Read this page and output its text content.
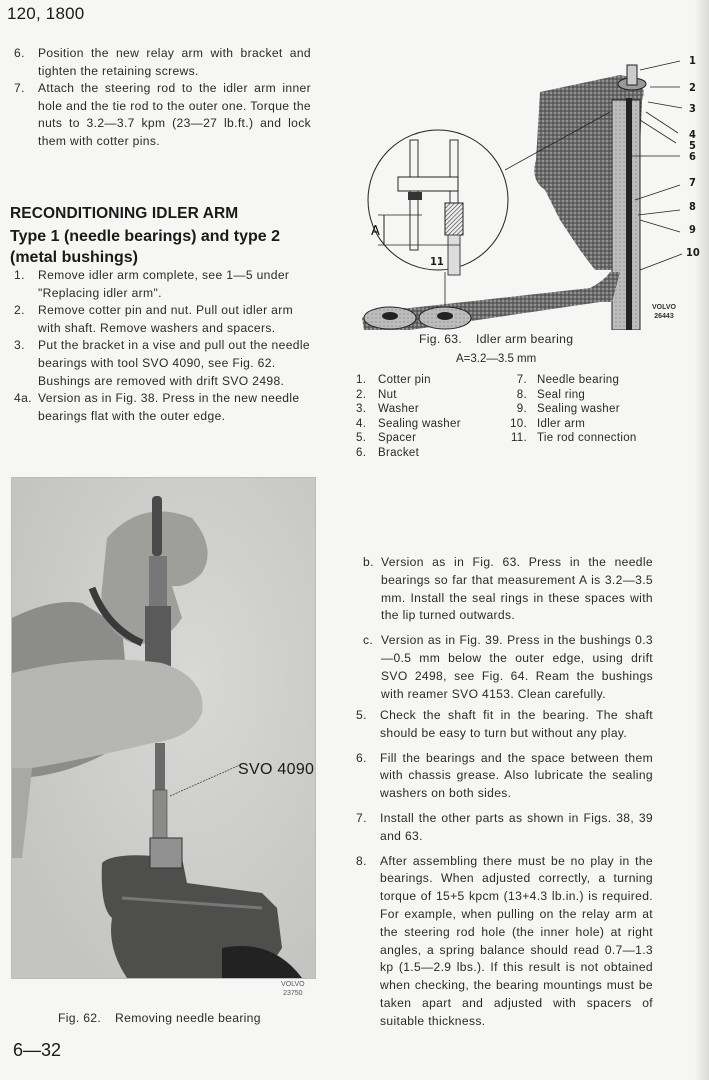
120, 1800
6.	Position the new relay arm with bracket and tighten the retaining screws.
7.	Attach the steering rod to the idler arm inner hole and the tie rod to the outer one. Torque the nuts to 3.2—3.7 kpm (23—27 lb.ft.) and lock them with cotter pins.
RECONDITIONING IDLER ARM
Type 1 (needle bearings) and type 2 (metal bushings)
1.	Remove idler arm complete, see 1—5 under "Replacing idler arm".
2.	Remove cotter pin and nut. Pull out idler arm with shaft. Remove washers and spacers.
3.	Put the bracket in a vise and pull out the needle bearings with tool SVO 4090, see Fig. 62. Bushings are removed with drift SVO 2498.
4a. Version as in Fig. 38. Press in the new needle bearings flat with the outer edge.
A
1
2
3
4
5
6
7
8
9
10
11
VOLVO
26443
Fig. 63. Idler arm bearing
A=3.2—3.5 mm
1.	Cotter pin
2.	Nut
3.	Washer
4.	Sealing washer
5.	Spacer
6.	Bracket
7. Needle bearing
8. Seal ring
9. Sealing washer
10. Idler arm
11. Tie rod connection
SVO 4090
VOLVO
23750
Fig. 62. Removing needle bearing
b. Version as in Fig. 63. Press in the needle bearings so far that measurement A is 3.2—3.5 mm. Install the seal rings in these spaces with the lip turned outwards.
c. Version as in Fig. 39. Press in the bushings 0.3—0.5 mm below the outer edge, using drift SVO 2498, see Fig. 64. Ream the bushings with reamer SVO 4153. Clean carefully.
5.	Check the shaft fit in the bearing. The shaft should be easy to turn but without any play.
6.	Fill the bearings and the space between them with chassis grease. Also lubricate the sealing washers on both sides.
7.	Install the other parts as shown in Figs. 38, 39 and 63.
8.	After assembling there must be no play in the bearings. When adjusted correctly, a turning torque of 15+5 kpcm (13+4.3 lb.in.) is required. For example, when pulling on the relay arm at the steering rod hole (the inner hole) at right angles, a spring balance should read 0.7—1.3 kp (1.5—2.9 lbs.). If this result is not obtained when checking, the bearing mountings must be taken apart and adjusted with spacers of suitable thickness.
6—32
